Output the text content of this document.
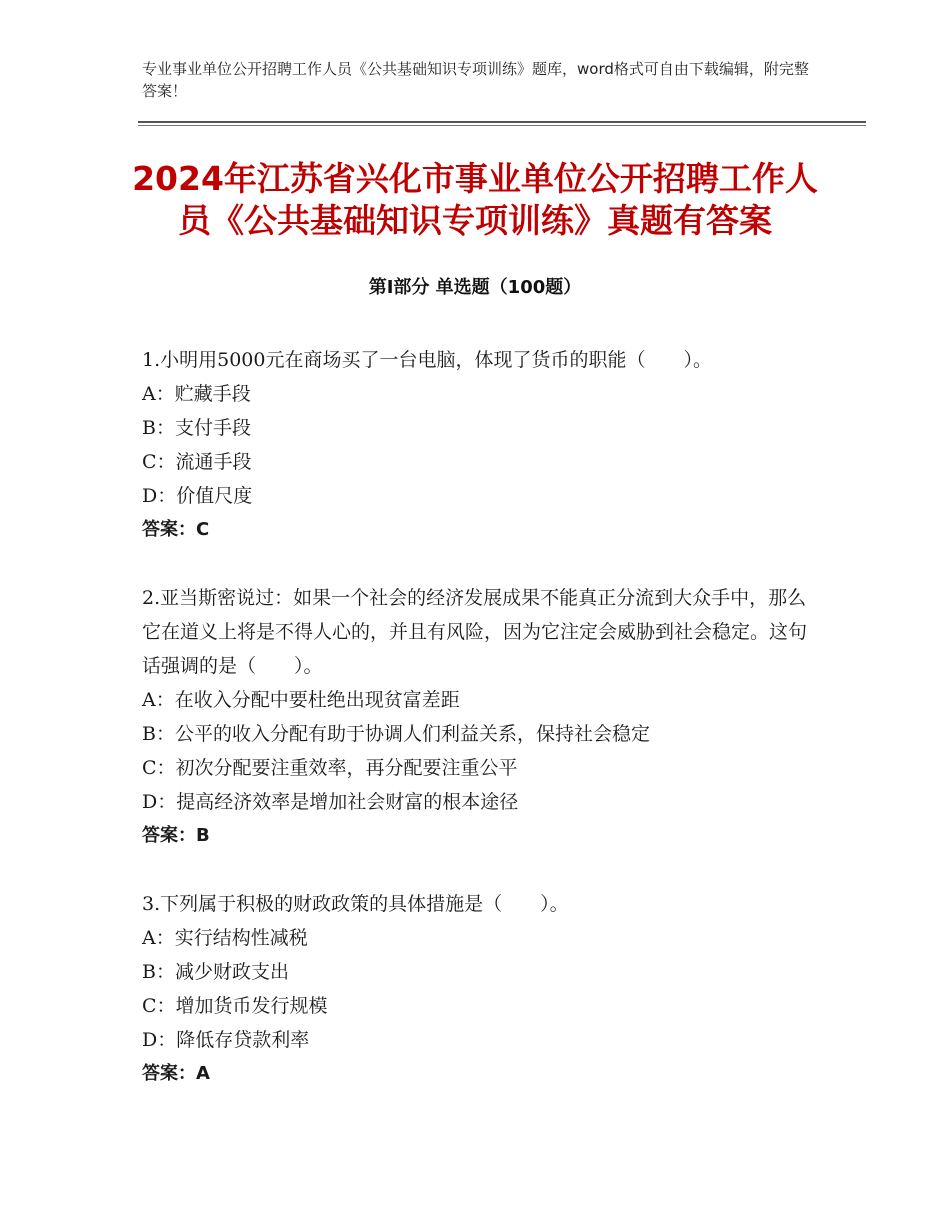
专业事业单位公开招聘工作人员《公共基础知识专项训练》题库，word格式可自由下载编辑，附完整答案！
2024年江苏省兴化市事业单位公开招聘工作人员《公共基础知识专项训练》真题有答案
第Ⅰ部分 单选题（100题）
1.小明用5000元在商场买了一台电脑，体现了货币的职能（　　）。
A：贮藏手段
B：支付手段
C：流通手段
D：价值尺度
答案：C
2.亚当斯密说过：如果一个社会的经济发展成果不能真正分流到大众手中，那么它在道义上将是不得人心的，并且有风险，因为它注定会威胁到社会稳定。这句话强调的是（　　）。
A：在收入分配中要杜绝出现贫富差距
B：公平的收入分配有助于协调人们利益关系，保持社会稳定
C：初次分配要注重效率，再分配要注重公平
D：提高经济效率是增加社会财富的根本途径
答案：B
3.下列属于积极的财政政策的具体措施是（　　）。
A：实行结构性减税
B：减少财政支出
C：增加货币发行规模
D：降低存贷款利率
答案：A
